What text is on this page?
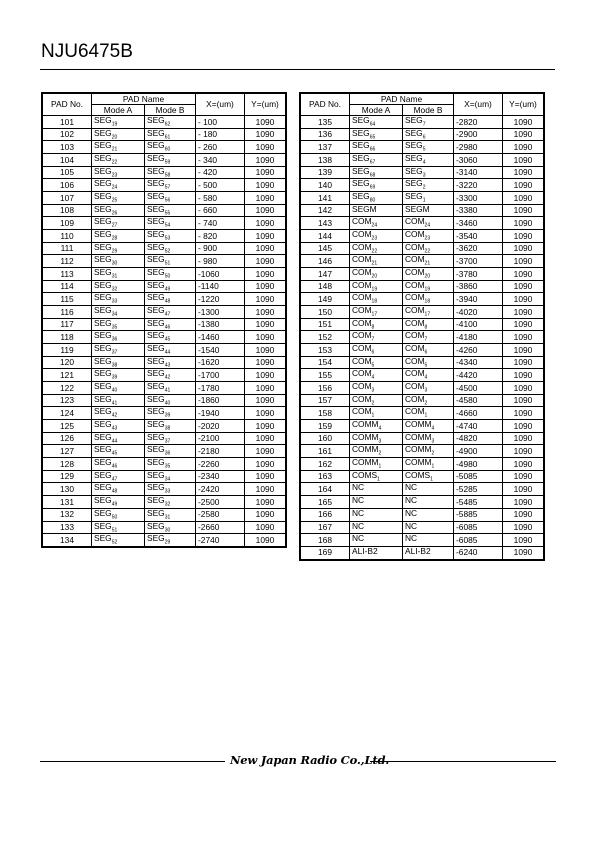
NJU6475B
PAD No.	PAD Name		X=(um)	Y=(um)
	Mode A	Mode B		
101	$SEG_{19}$	$SEG_{62}$	- 100	1090
102	$SEG_{20}$	$SEG_{61}$	- 180	1090
103	$SEG_{21}$	$SEG_{60}$	- 260	1090
104	$SEG_{22}$	$SEG_{59}$	- 340	1090
105	$SEG_{23}$	$SEG_{58}$	- 420	1090
106	$SEG_{24}$	$SEG_{57}$	- 500	1090
107	$SEG_{25}$	$SEG_{56}$	- 580	1090
108	$SEG_{26}$	$SEG_{55}$	- 660	1090
109	$SEG_{27}$	$SEG_{54}$	- 740	1090
110	$SEG_{28}$	$SEG_{53}$	- 820	1090
111	$SEG_{29}$	$SEG_{52}$	- 900	1090
112	$SEG_{30}$	$SEG_{51}$	- 980	1090
113	$SEG_{31}$	$SEG_{50}$	-1060	1090
114	$SEG_{32}$	$SEG_{49}$	-1140	1090
115	$SEG_{33}$	$SEG_{48}$	-1220	1090
116	$SEG_{34}$	$SEG_{47}$	-1300	1090
117	$SEG_{35}$	$SEG_{46}$	-1380	1090
118	$SEG_{36}$	$SEG_{45}$	-1460	1090
119	$SEG_{37}$	$SEG_{44}$	-1540	1090
120	$SEG_{38}$	$SEG_{43}$	-1620	1090
121	$SEG_{39}$	$SEG_{42}$	-1700	1090
122	$SEG_{40}$	$SEG_{41}$	-1780	1090
123	$SEG_{41}$	$SEG_{40}$	-1860	1090
124	$SEG_{42}$	$SEG_{39}$	-1940	1090
125	$SEG_{43}$	$SEG_{38}$	-2020	1090
126	$SEG_{44}$	$SEG_{37}$	-2100	1090
127	$SEG_{45}$	$SEG_{36}$	-2180	1090
128	$SEG_{46}$	$SEG_{35}$	-2260	1090
129	$SEG_{47}$	$SEG_{34}$	-2340	1090
130	$SEG_{48}$	$SEG_{33}$	-2420	1090
131	$SEG_{49}$	$SEG_{32}$	-2500	1090
132	$SEG_{50}$	$SEG_{31}$	-2580	1090
133	$SEG_{51}$	$SEG_{30}$	-2660	1090
134	$SEG_{52}$	$SEG_{29}$	-2740	1090
PAD No.	PAD Name		X=(um)	Y=(um)
	Mode A	Mode B		
135	$SEG_{64}$	$SEG_7$	-2820	1090
136	$SEG_{65}$	$SEG_6$	-2900	1090
137	$SEG_{66}$	$SEG_5$	-2980	1090
138	$SEG_{67}$	$SEG_4$	-3060	1090
139	$SEG_{68}$	$SEG_3$	-3140	1090
140	$SEG_{69}$	$SEG_2$	-3220	1090
141	$SEG_{80}$	$SEG_1$	-3300	1090
142	SEGM	SEGM	-3380	1090
143	$COM_{24}$	$COM_{24}$	-3460	1090
144	$COM_{23}$	$COM_{23}$	-3540	1090
145	$COM_{22}$	$COM_{22}$	-3620	1090
146	$COM_{21}$	$COM_{21}$	-3700	1090
147	$COM_{20}$	$COM_{20}$	-3780	1090
148	$COM_{19}$	$COM_{19}$	-3860	1090
149	$COM_{18}$	$COM_{18}$	-3940	1090
150	$COM_{17}$	$COM_{17}$	-4020	1090
151	$COM_8$	$COM_8$	-4100	1090
152	$COM_7$	$COM_7$	-4180	1090
153	$COM_6$	$COM_6$	-4260	1090
154	$COM_5$	$COM_5$	-4340	1090
155	$COM_4$	$COM_4$	-4420	1090
156	$COM_3$	$COM_3$	-4500	1090
157	$COM_2$	$COM_2$	-4580	1090
158	$COM_1$	$COM_1$	-4660	1090
159	$COMM_4$	$COMM_4$	-4740	1090
160	$COMM_3$	$COMM_3$	-4820	1090
161	$COMM_2$	$COMM_2$	-4900	1090
162	$COMM_1$	$COMM_1$	-4980	1090
163	$COMS_1$	$COMS_1$	-5085	1090
164	NC	NC	-5285	1090
165	NC	NC	-5485	1090
166	NC	NC	-5885	1090
167	NC	NC	-6085	1090
168	NC	NC	-6085	1090
169	ALI-B2	ALI-B2	-6240	1090
New Japan Radio Co.,Ltd.
